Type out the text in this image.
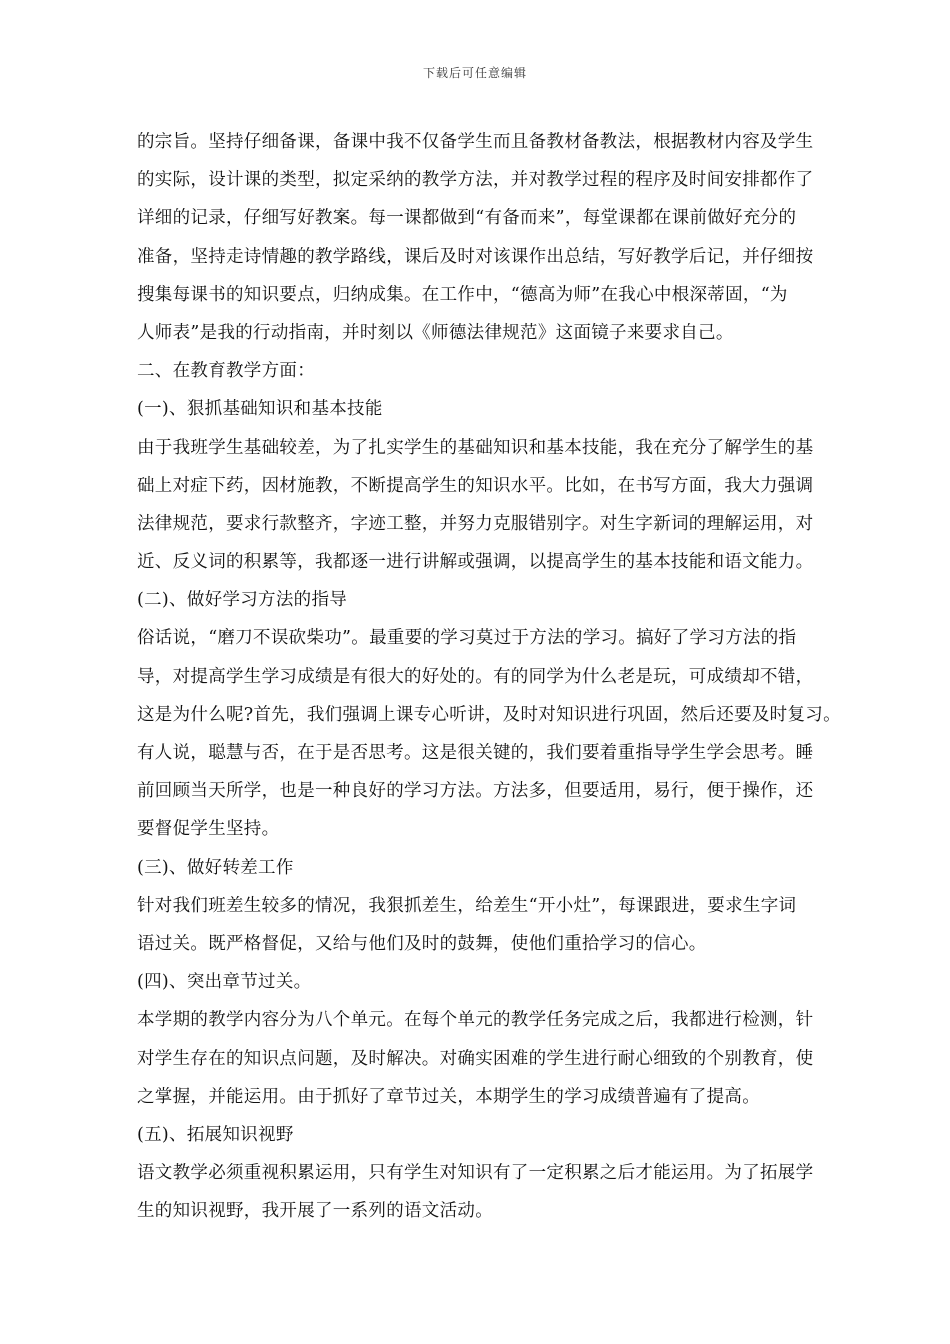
下载后可任意编辑
的宗旨。坚持仔细备课，备课中我不仅备学生而且备教材备教法，根据教材内容及学生
的实际，设计课的类型，拟定采纳的教学方法，并对教学过程的程序及时间安排都作了
详细的记录，仔细写好教案。每一课都做到“有备而来”，每堂课都在课前做好充分的
准备，坚持走诗情趣的教学路线，课后及时对该课作出总结，写好教学后记，并仔细按
搜集每课书的知识要点，归纳成集。在工作中，“德高为师”在我心中根深蒂固，“为
人师表”是我的行动指南，并时刻以《师德法律规范》这面镜子来要求自己。
二、在教育教学方面：
(一)、狠抓基础知识和基本技能
由于我班学生基础较差，为了扎实学生的基础知识和基本技能，我在充分了解学生的基
础上对症下药，因材施教，不断提高学生的知识水平。比如，在书写方面，我大力强调
法律规范，要求行款整齐，字迹工整，并努力克服错别字。对生字新词的理解运用，对
近、反义词的积累等，我都逐一进行讲解或强调，以提高学生的基本技能和语文能力。
(二)、做好学习方法的指导
俗话说，“磨刀不误砍柴功”。最重要的学习莫过于方法的学习。搞好了学习方法的指
导，对提高学生学习成绩是有很大的好处的。有的同学为什么老是玩，可成绩却不错，
这是为什么呢?首先，我们强调上课专心听讲，及时对知识进行巩固，然后还要及时复习。
有人说，聪慧与否，在于是否思考。这是很关键的，我们要着重指导学生学会思考。睡
前回顾当天所学，也是一种良好的学习方法。方法多，但要适用，易行，便于操作，还
要督促学生坚持。
(三)、做好转差工作
针对我们班差生较多的情况，我狠抓差生，给差生“开小灶”，每课跟进，要求生字词
语过关。既严格督促，又给与他们及时的鼓舞，使他们重拾学习的信心。
(四)、突出章节过关。
本学期的教学内容分为八个单元。在每个单元的教学任务完成之后，我都进行检测，针
对学生存在的知识点问题，及时解决。对确实困难的学生进行耐心细致的个别教育，使
之掌握，并能运用。由于抓好了章节过关，本期学生的学习成绩普遍有了提高。
(五)、拓展知识视野
语文教学必须重视积累运用，只有学生对知识有了一定积累之后才能运用。为了拓展学
生的知识视野，我开展了一系列的语文活动。
